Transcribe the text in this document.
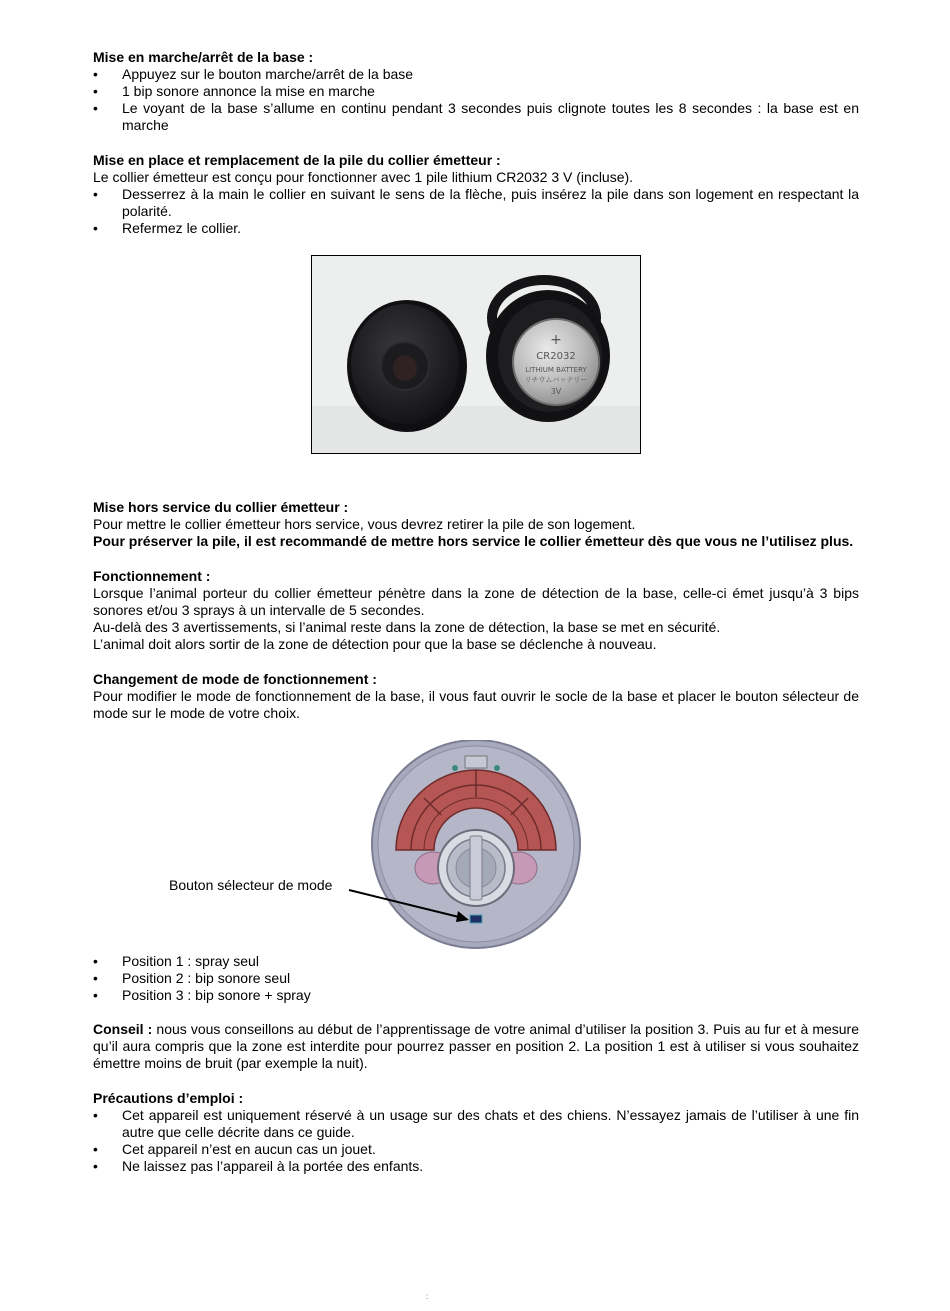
Mise en marche/arrêt de la base :
• Appuyez sur le bouton marche/arrêt de la base
• 1 bip sonore annonce la mise en marche
• Le voyant de la base s’allume en continu pendant 3 secondes puis clignote toutes les 8 secondes : la base est en marche
Mise en place et remplacement de la pile du collier émetteur :
Le collier émetteur est conçu pour fonctionner avec 1 pile lithium CR2032 3 V (incluse).
• Desserrez à la main le collier en suivant le sens de la flèche, puis insérez la pile dans son logement en respectant la polarité.
• Refermez le collier.
+
CR2032
LITHIUM BATTERY
リチウムバッテリー
3V
Mise hors service du collier émetteur :
Pour mettre le collier émetteur hors service, vous devrez retirer la pile de son logement.
Pour préserver la pile, il est recommandé de mettre hors service le collier émetteur dès que vous ne l’utilisez plus.
Fonctionnement :
Lorsque l’animal porteur du collier émetteur pénètre dans la zone de détection de la base, celle-ci émet jusqu’à 3 bips sonores et/ou 3 sprays à un intervalle de 5 secondes.
Au-delà des 3 avertissements, si l’animal reste dans la zone de détection, la base se met en sécurité.
L’animal doit alors sortir de la zone de détection pour que la base se déclenche à nouveau.
Changement de mode de fonctionnement :
Pour modifier le mode de fonctionnement de la base, il vous faut ouvrir le socle de la base et placer le bouton sélecteur de mode sur le mode de votre choix.
Bouton sélecteur de mode
• Position 1 : spray seul
• Position 2 : bip sonore seul
• Position 3 : bip sonore + spray
Conseil : nous vous conseillons au début de l’apprentissage de votre animal d’utiliser la position 3. Puis au fur et à mesure qu’il aura compris que la zone est interdite pour pourrez passer en position 2. La position 1 est à utiliser si vous souhaitez émettre moins de bruit (par exemple la nuit).
Précautions d’emploi :
• Cet appareil est uniquement réservé à un usage sur des chats et des chiens. N’essayez jamais de l’utiliser à une fin autre que celle décrite dans ce guide.
• Cet appareil n’est en aucun cas un jouet.
• Ne laissez pas l’appareil à la portée des enfants.
:
